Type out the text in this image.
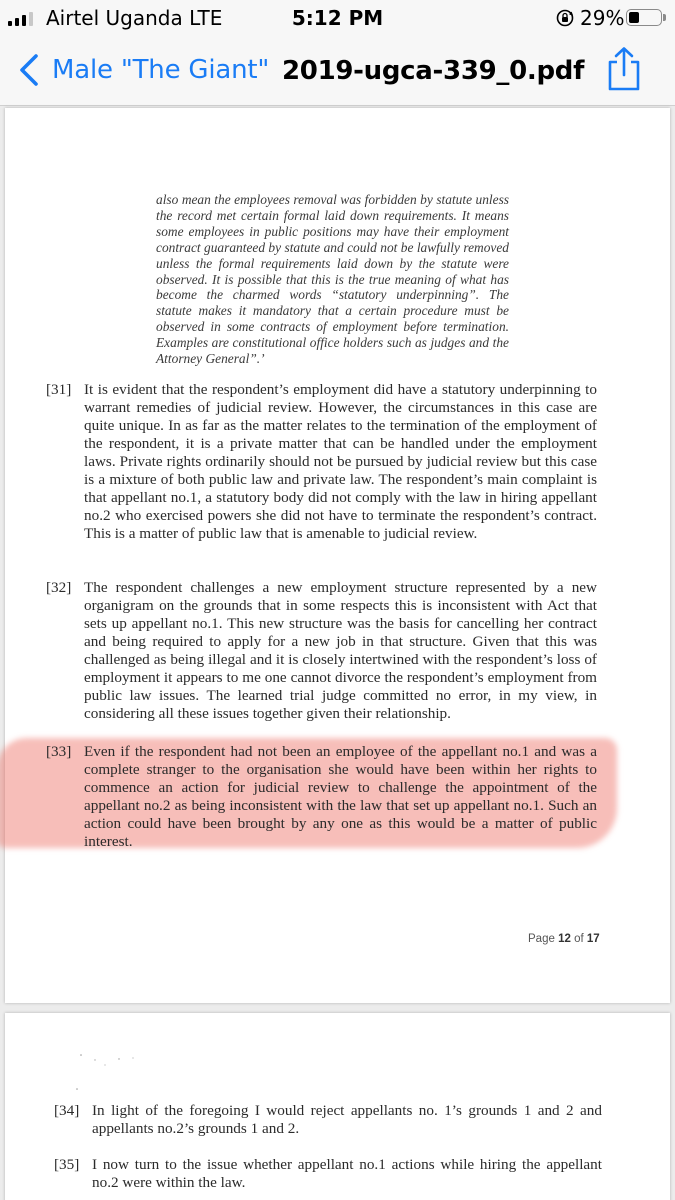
Airtel Uganda LTE	5:12 PM	29%
Male "The Giant" 2019-ugca-339_0.pdf
also mean the employees removal was forbidden by statute unless the record met certain formal laid down requirements. It means some employees in public positions may have their employment contract guaranteed by statute and could not be lawfully removed unless the formal requirements laid down by the statute were observed. It is possible that this is the true meaning of what has become the charmed words “statutory underpinning”. The statute makes it mandatory that a certain procedure must be observed in some contracts of employment before termination. Examples are constitutional office holders such as judges and the Attorney General”.’
[31] It is evident that the respondent’s employment did have a statutory underpinning to warrant remedies of judicial review. However, the circumstances in this case are quite unique. In as far as the matter relates to the termination of the employment of the respondent, it is a private matter that can be handled under the employment laws. Private rights ordinarily should not be pursued by judicial review but this case is a mixture of both public law and private law. The respondent’s main complaint is that appellant no.1, a statutory body did not comply with the law in hiring appellant no.2 who exercised powers she did not have to terminate the respondent’s contract. This is a matter of public law that is amenable to judicial review.
[32] The respondent challenges a new employment structure represented by a new organigram on the grounds that in some respects this is inconsistent with Act that sets up appellant no.1. This new structure was the basis for cancelling her contract and being required to apply for a new job in that structure. Given that this was challenged as being illegal and it is closely intertwined with the respondent’s loss of employment it appears to me one cannot divorce the respondent’s employment from public law issues. The learned trial judge committed no error, in my view, in considering all these issues together given their relationship.
[33] Even if the respondent had not been an employee of the appellant no.1 and was a complete stranger to the organisation she would have been within her rights to commence an action for judicial review to challenge the appointment of the appellant no.2 as being inconsistent with the law that set up appellant no.1. Such an action could have been brought by any one as this would be a matter of public interest.
Page 12 of 17
[34] In light of the foregoing I would reject appellants no. 1’s grounds 1 and 2 and appellants no.2’s grounds 1 and 2.
[35] I now turn to the issue whether appellant no.1 actions while hiring the appellant no.2 were within the law.
